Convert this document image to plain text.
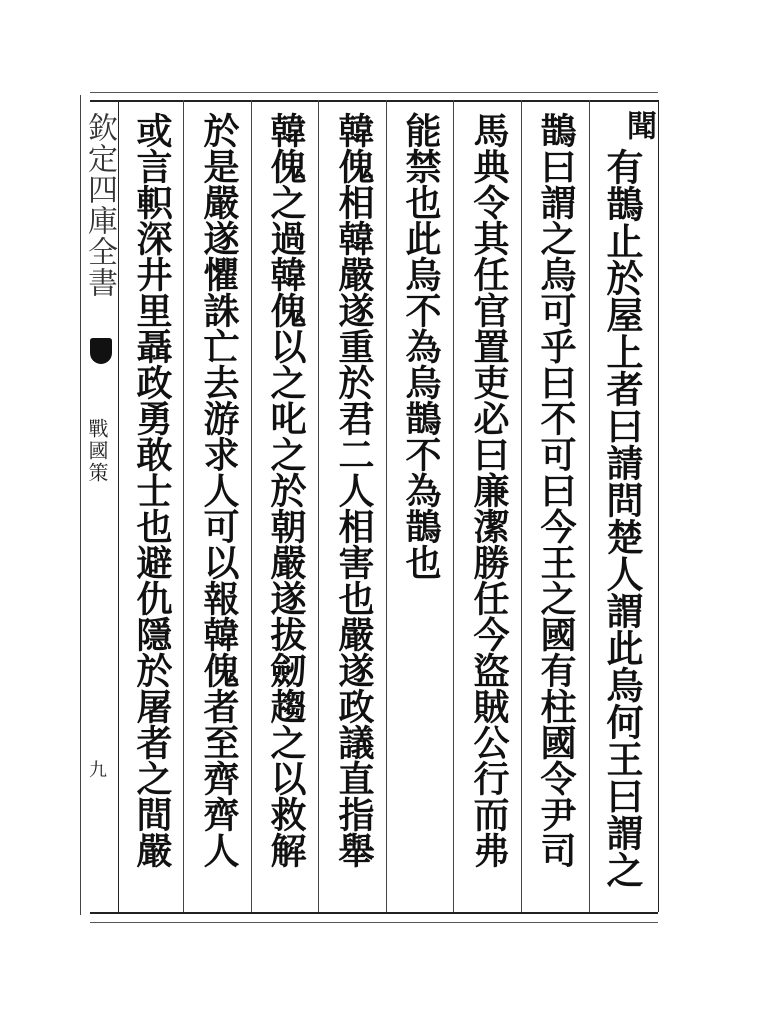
欽定四庫全書
戰國策
九
聞
有鵲止於屋上者曰請問楚人謂此烏何王曰謂之
鵲曰謂之烏可乎曰不可曰今王之國有柱國令尹司
馬典令其任官置吏必曰廉潔勝任今盜賊公行而弗
能禁也此烏不為烏鵲不為鵲也
韓傀相韓嚴遂重於君二人相害也嚴遂政議直指舉
韓傀之過韓傀以之叱之於朝嚴遂拔劒趨之以救解
於是嚴遂懼誅亡去游求人可以報韓傀者至齊齊人
或言軹深井里聶政勇敢士也避仇隱於屠者之間嚴
